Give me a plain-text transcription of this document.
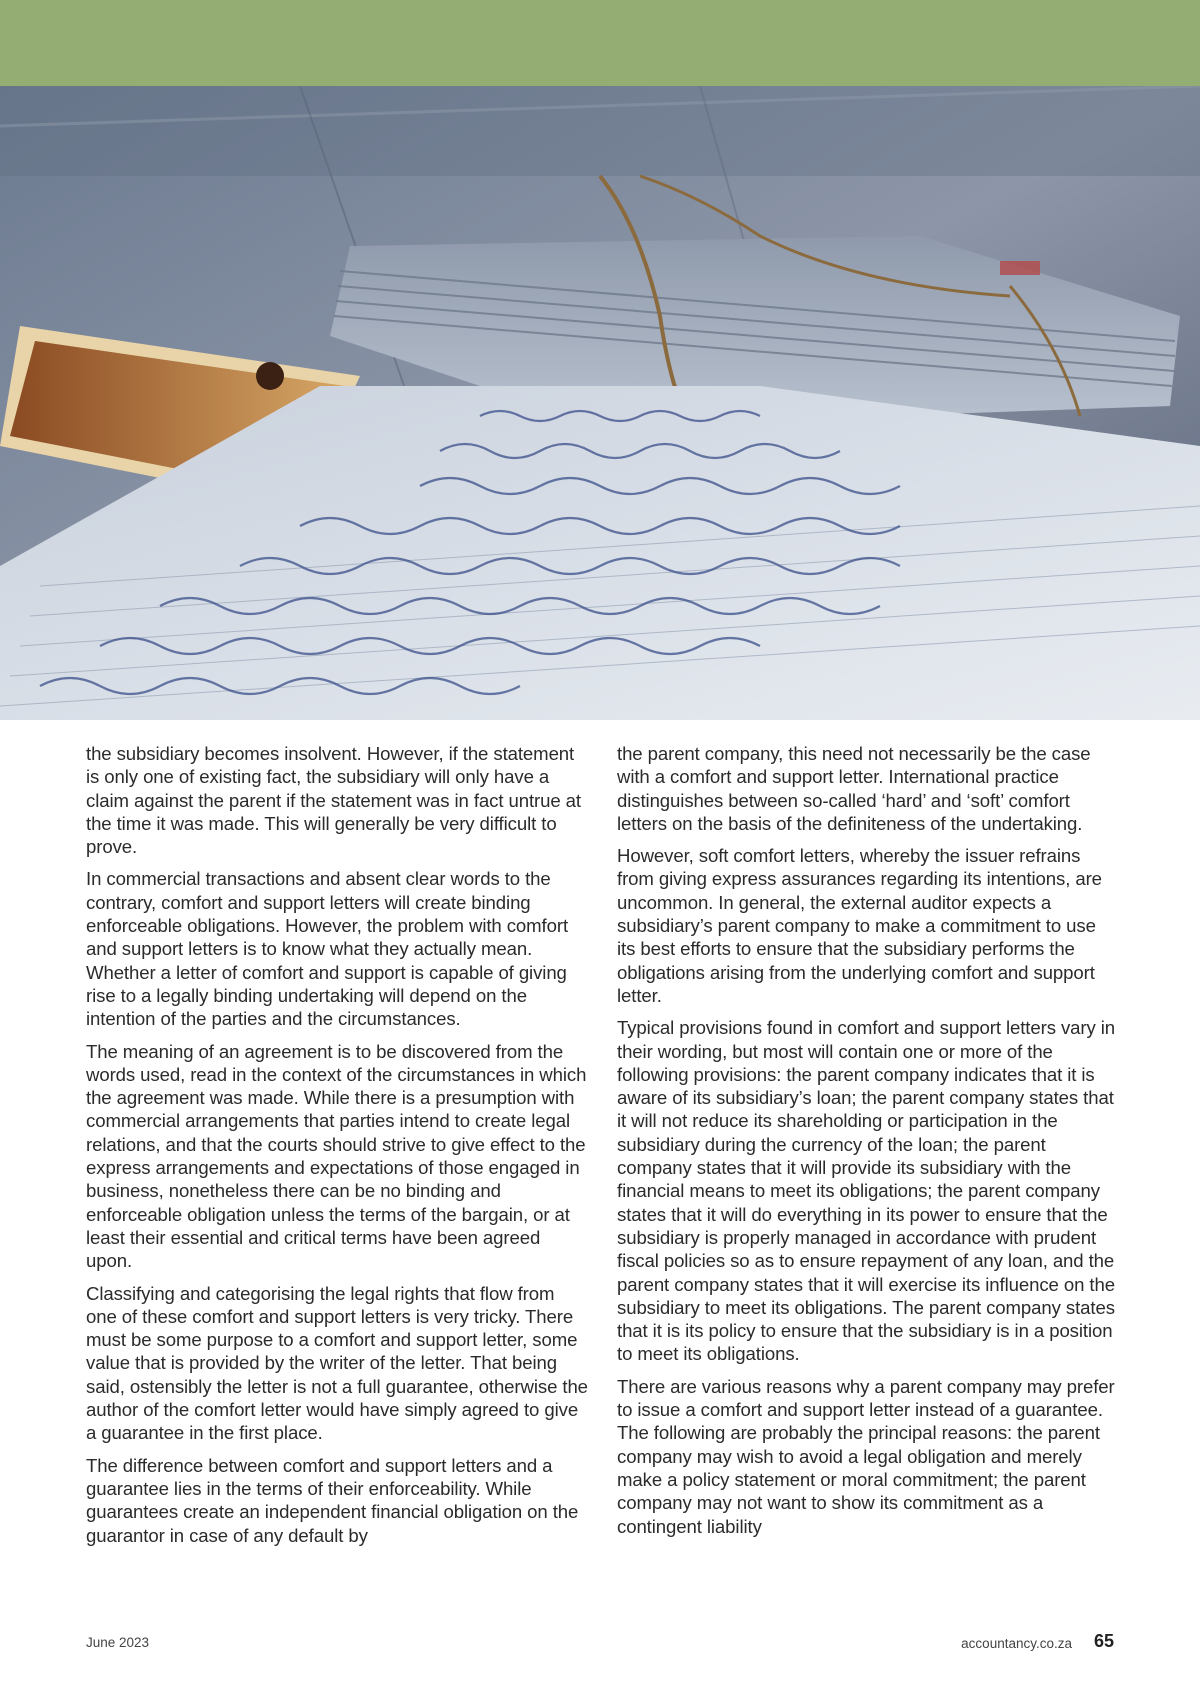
the subsidiary becomes insolvent. However, if the statement is only one of existing fact, the subsidiary will only have a claim against the parent if the statement was in fact untrue at the time it was made. This will generally be very difficult to prove.

In commercial transactions and absent clear words to the contrary, comfort and support letters will create binding enforceable obligations. However, the problem with comfort and support letters is to know what they actually mean. Whether a letter of comfort and support is capable of giving rise to a legally binding undertaking will depend on the intention of the parties and the circumstances.

The meaning of an agreement is to be discovered from the words used, read in the context of the circumstances in which the agreement was made. While there is a presumption with commercial arrangements that parties intend to create legal relations, and that the courts should strive to give effect to the express arrangements and expectations of those engaged in business, nonetheless there can be no binding and enforceable obligation unless the terms of the bargain, or at least their essential and critical terms have been agreed upon.

Classifying and categorising the legal rights that flow from one of these comfort and support letters is very tricky. There must be some purpose to a comfort and support letter, some value that is provided by the writer of the letter. That being said, ostensibly the letter is not a full guarantee, otherwise the author of the comfort letter would have simply agreed to give a guarantee in the first place.

The difference between comfort and support letters and a guarantee lies in the terms of their enforceability. While guarantees create an independent financial obligation on the guarantor in case of any default by

the parent company, this need not necessarily be the case with a comfort and support letter. International practice distinguishes between so-called ‘hard’ and ‘soft’ comfort letters on the basis of the definiteness of the undertaking.

However, soft comfort letters, whereby the issuer refrains from giving express assurances regarding its intentions, are uncommon. In general, the external auditor expects a subsidiary’s parent company to make a commitment to use its best efforts to ensure that the subsidiary performs the obligations arising from the underlying comfort and support letter.

Typical provisions found in comfort and support letters vary in their wording, but most will contain one or more of the following provisions: the parent company indicates that it is aware of its subsidiary’s loan; the parent company states that it will not reduce its shareholding or participation in the subsidiary during the currency of the loan; the parent company states that it will provide its subsidiary with the financial means to meet its obligations; the parent company states that it will do everything in its power to ensure that the subsidiary is properly managed in accordance with prudent fiscal policies so as to ensure repayment of any loan, and the parent company states that it will exercise its influence on the subsidiary to meet its obligations. The parent company states that it is its policy to ensure that the subsidiary is in a position to meet its obligations.

There are various reasons why a parent company may prefer to issue a comfort and support letter instead of a guarantee. The following are probably the principal reasons: the parent company may wish to avoid a legal obligation and merely make a policy statement or moral commitment; the parent company may not want to show its commitment as a contingent liability

June 2023	accountancy.co.za 65
